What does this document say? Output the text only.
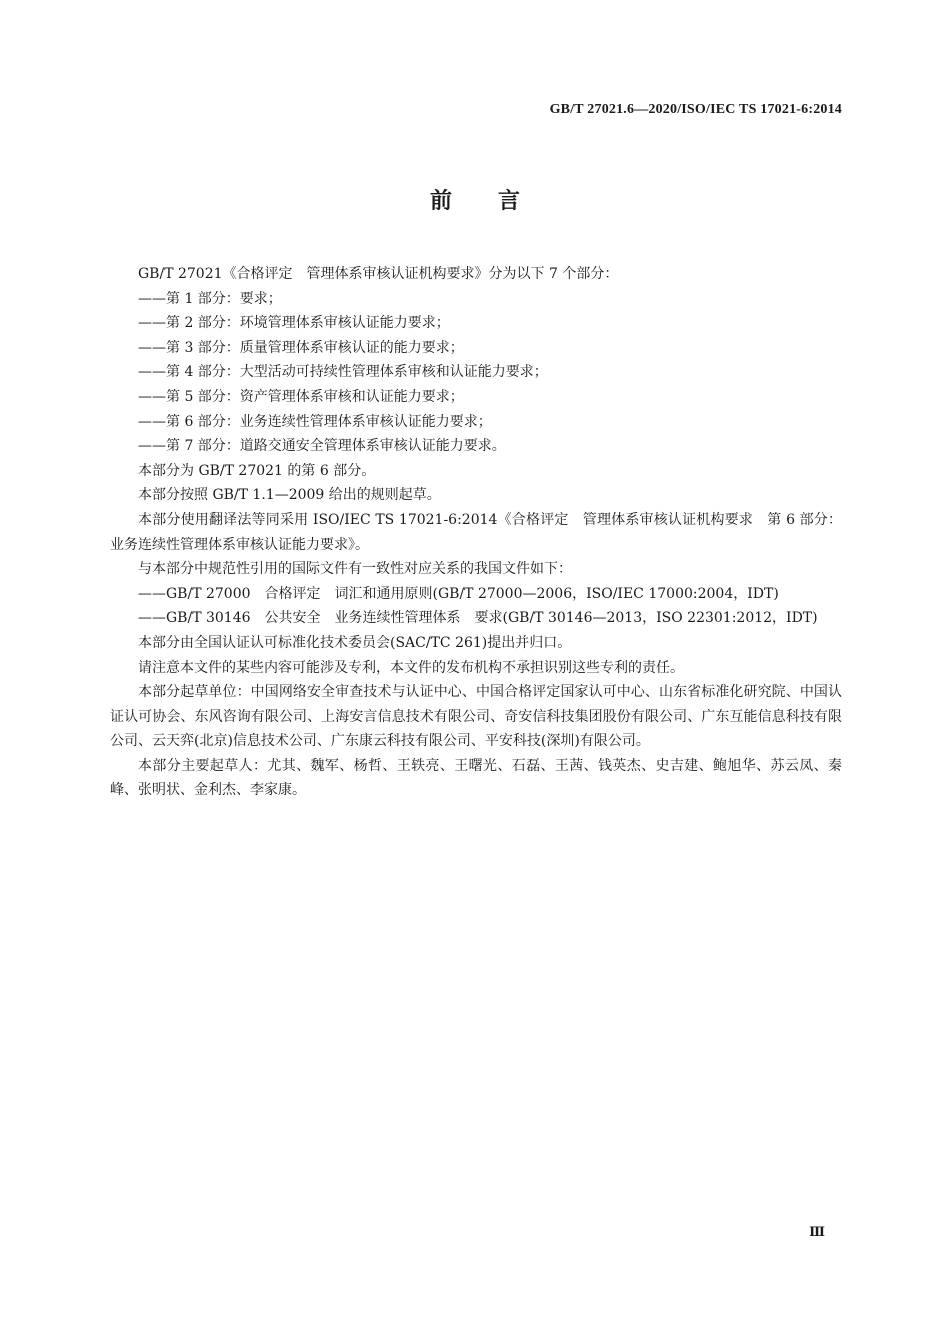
GB/T 27021.6—2020/ISO/IEC TS 17021-6:2014
前 言

GB/T 27021《合格评定　管理体系审核认证机构要求》分为以下 7 个部分：

——第 1 部分：要求；

——第 2 部分：环境管理体系审核认证能力要求；

——第 3 部分：质量管理体系审核认证的能力要求；

——第 4 部分：大型活动可持续性管理体系审核和认证能力要求；

——第 5 部分：资产管理体系审核和认证能力要求；

——第 6 部分：业务连续性管理体系审核认证能力要求；

——第 7 部分：道路交通安全管理体系审核认证能力要求。

本部分为 GB/T 27021 的第 6 部分。

本部分按照 GB/T 1.1—2009 给出的规则起草。

本部分使用翻译法等同采用 ISO/IEC TS 17021-6:2014《合格评定　管理体系审核认证机构要求　第 6 部分：业务连续性管理体系审核认证能力要求》。

与本部分中规范性引用的国际文件有一致性对应关系的我国文件如下：

——GB/T 27000　合格评定　词汇和通用原则(GB/T 27000—2006，ISO/IEC 17000:2004，IDT)

——GB/T 30146　公共安全　业务连续性管理体系　要求(GB/T 30146—2013，ISO 22301:2012，IDT)

本部分由全国认证认可标准化技术委员会(SAC/TC 261)提出并归口。

请注意本文件的某些内容可能涉及专利，本文件的发布机构不承担识别这些专利的责任。

本部分起草单位：中国网络安全审查技术与认证中心、中国合格评定国家认可中心、山东省标准化研究院、中国认证认可协会、东风咨询有限公司、上海安言信息技术有限公司、奇安信科技集团股份有限公司、广东互能信息科技有限公司、云天弈(北京)信息技术公司、广东康云科技有限公司、平安科技(深圳)有限公司。

本部分主要起草人：尤其、魏军、杨哲、王轶亮、王曙光、石磊、王茜、钱英杰、史吉建、鲍旭华、苏云凤、秦峰、张明状、金利杰、李家康。

Ⅲ
